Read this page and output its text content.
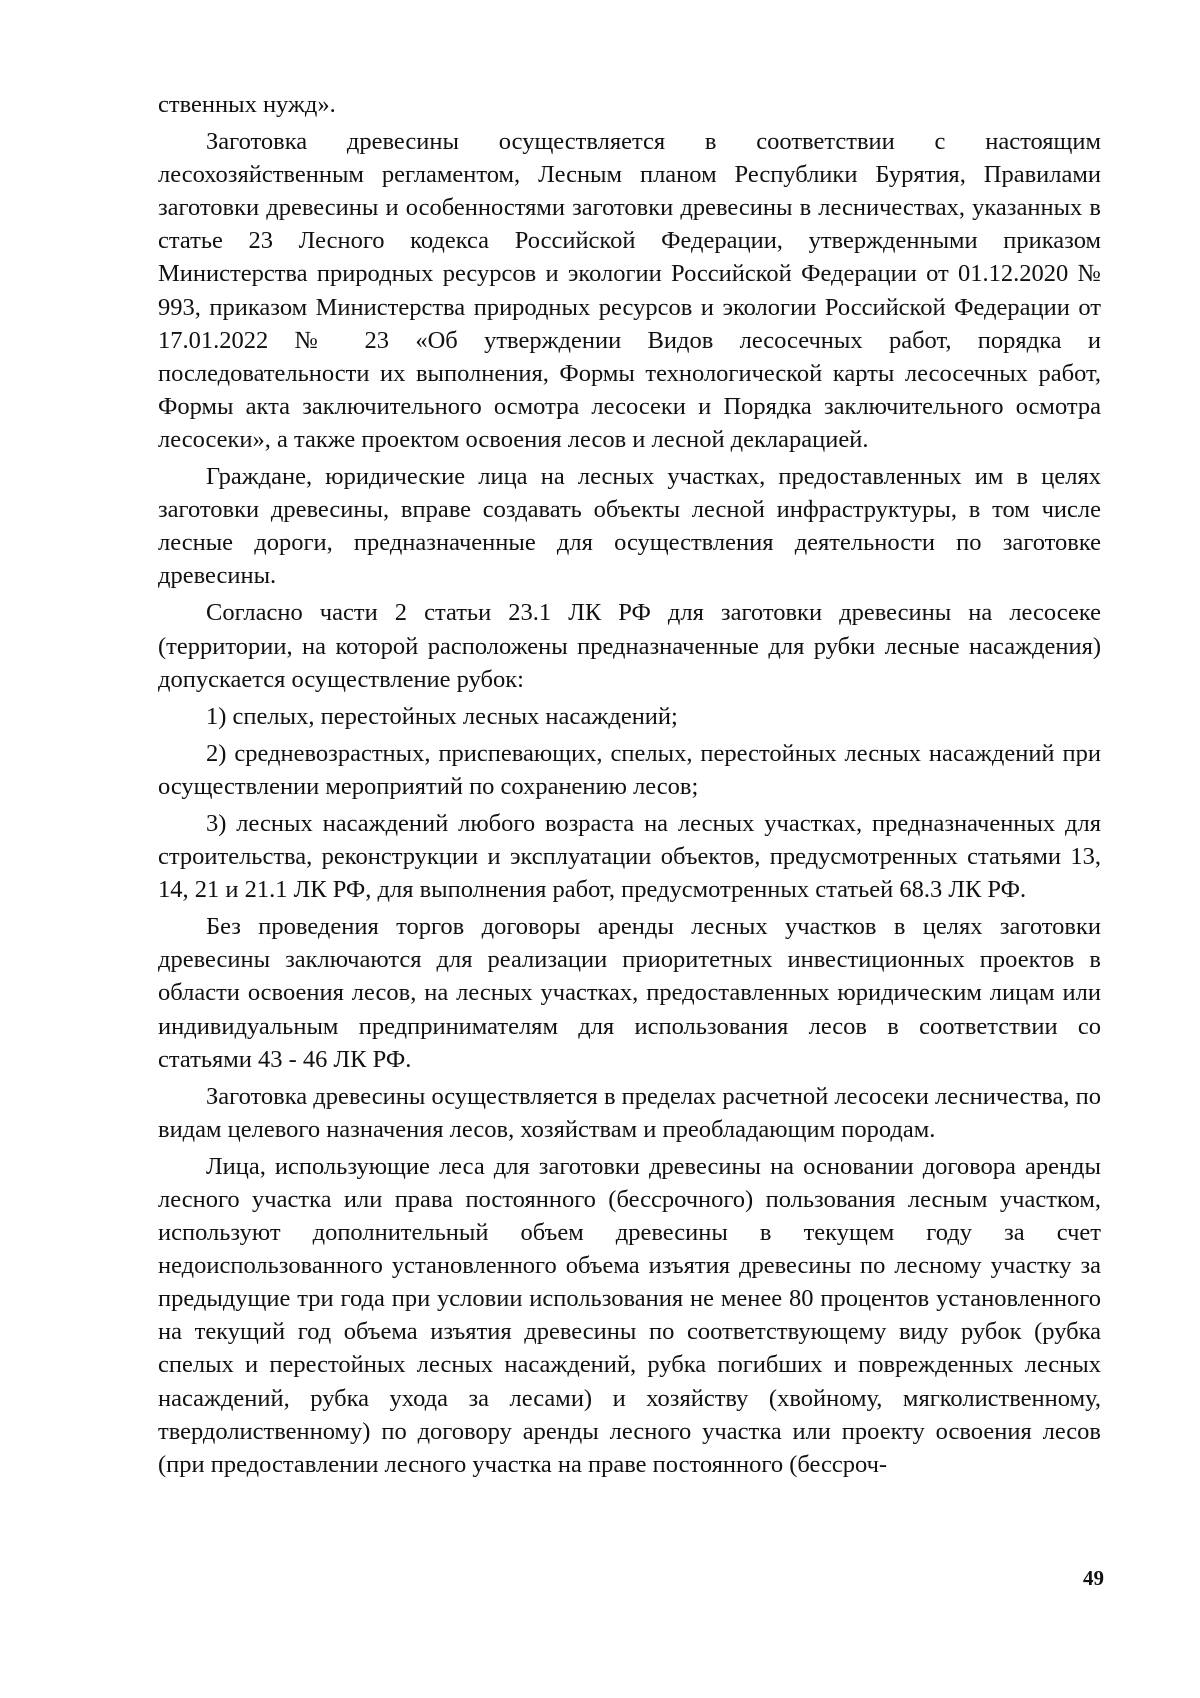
ственных нужд».

Заготовка древесины осуществляется в соответствии с настоящим лесохозяйственным регламентом, Лесным планом Республики Бурятия, Правилами заготовки древесины и особенностями заготовки древесины в лесничествах, указанных в статье 23 Лесного кодекса Российской Федерации, утвержденными приказом Министерства природных ресурсов и экологии Российской Федерации от 01.12.2020 № 993, приказом Министерства природных ресурсов и экологии Российской Федерации от 17.01.2022 № 23 «Об утверждении Видов лесосечных работ, порядка и последовательности их выполнения, Формы технологической карты лесосечных работ, Формы акта заключительного осмотра лесосеки и Порядка заключительного осмотра лесосеки», а также проектом освоения лесов и лесной декларацией.

Граждане, юридические лица на лесных участках, предоставленных им в целях заготовки древесины, вправе создавать объекты лесной инфраструктуры, в том числе лесные дороги, предназначенные для осуществления деятельности по заготовке древесины.

Согласно части 2 статьи 23.1 ЛК РФ для заготовки древесины на лесосеке (территории, на которой расположены предназначенные для рубки лесные насаждения) допускается осуществление рубок:

1) спелых, перестойных лесных насаждений;

2) средневозрастных, приспевающих, спелых, перестойных лесных насаждений при осуществлении мероприятий по сохранению лесов;

3) лесных насаждений любого возраста на лесных участках, предназначенных для строительства, реконструкции и эксплуатации объектов, предусмотренных статьями 13, 14, 21 и 21.1 ЛК РФ, для выполнения работ, предусмотренных статьей 68.3 ЛК РФ.

Без проведения торгов договоры аренды лесных участков в целях заготовки древесины заключаются для реализации приоритетных инвестиционных проектов в области освоения лесов, на лесных участках, предоставленных юридическим лицам или индивидуальным предпринимателям для использования лесов в соответствии со статьями 43 - 46 ЛК РФ.

Заготовка древесины осуществляется в пределах расчетной лесосеки лесничества, по видам целевого назначения лесов, хозяйствам и преобладающим породам.

Лица, использующие леса для заготовки древесины на основании договора аренды лесного участка или права постоянного (бессрочного) пользования лесным участком, используют дополнительный объем древесины в текущем году за счет недоиспользованного установленного объема изъятия древесины по лесному участку за предыдущие три года при условии использования не менее 80 процентов установленного на текущий год объема изъятия древесины по соответствующему виду рубок (рубка спелых и перестойных лесных насаждений, рубка погибших и поврежденных лесных насаждений, рубка ухода за лесами) и хозяйству (хвойному, мягколиственному, твердолиственному) по договору аренды лесного участка или проекту освоения лесов (при предоставлении лесного участка на праве постоянного (бессроч-

49
